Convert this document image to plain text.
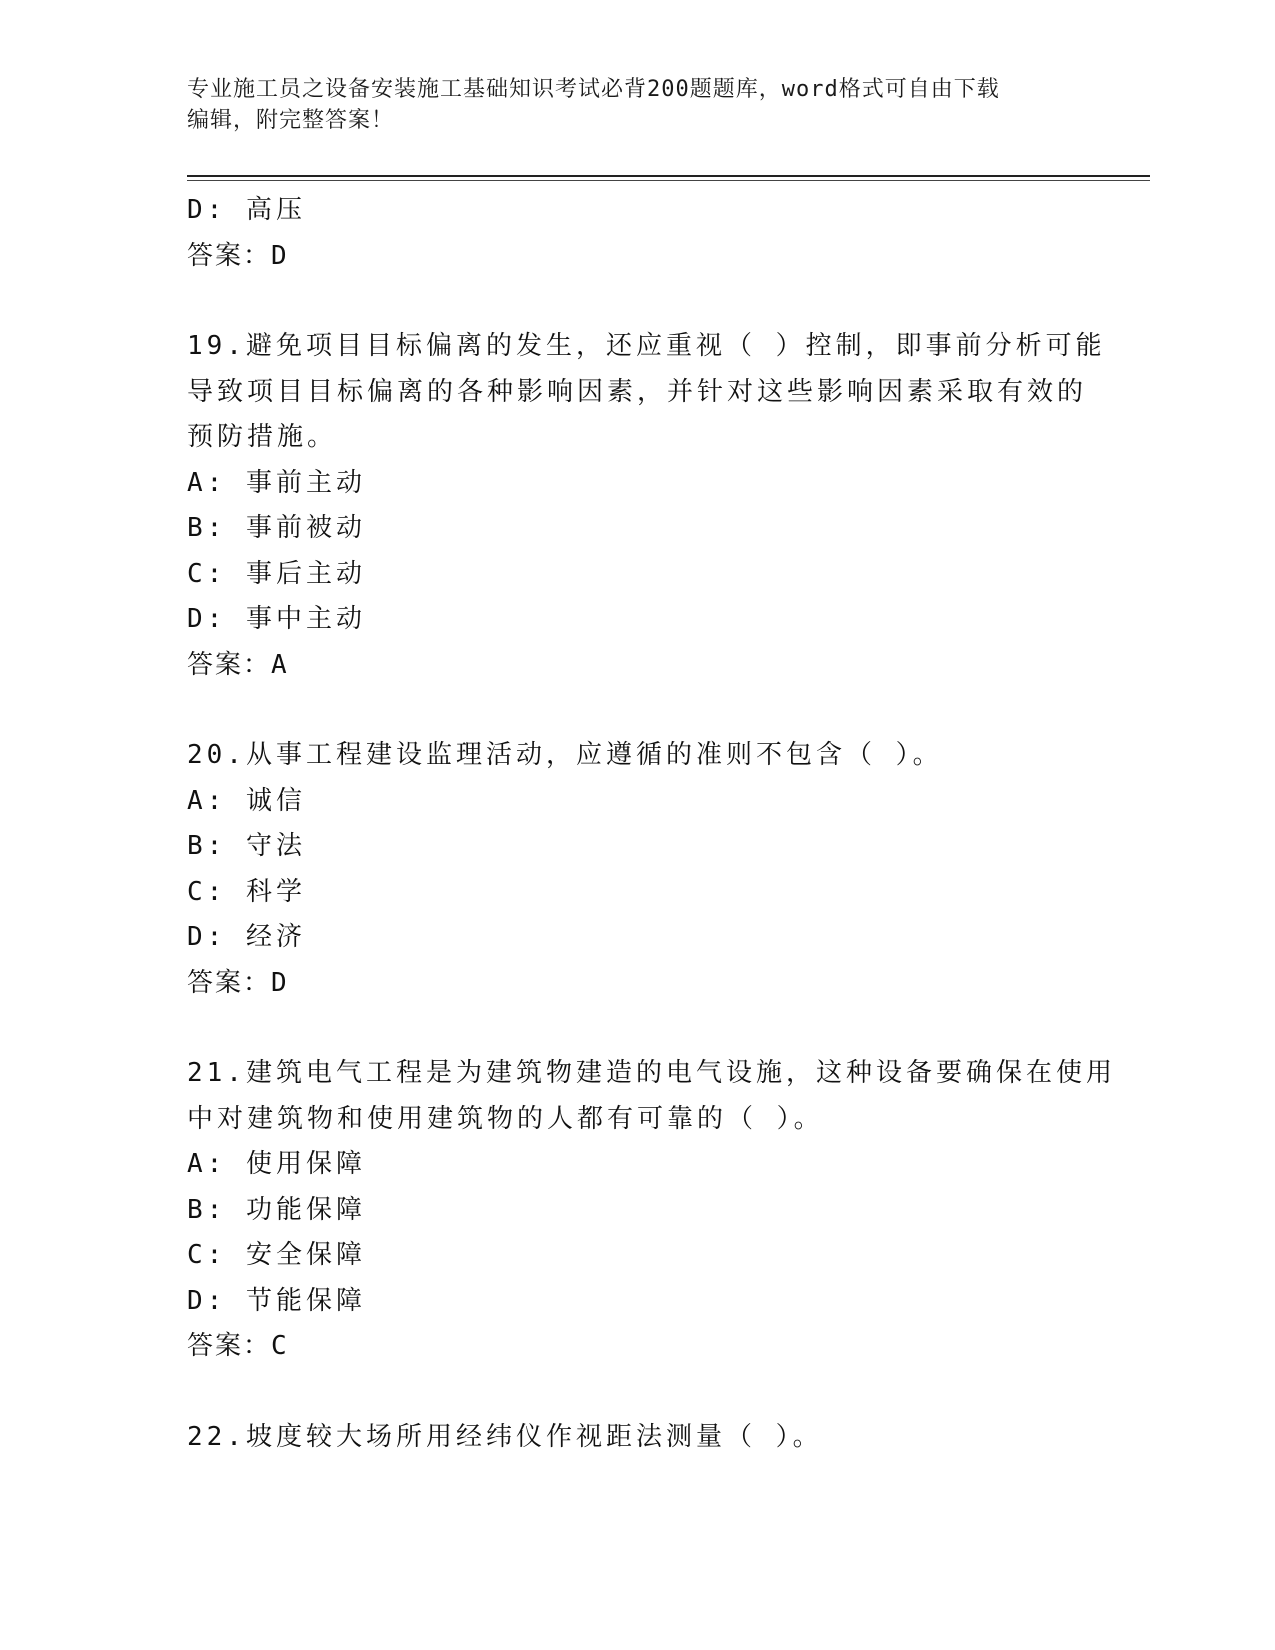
专业施工员之设备安装施工基础知识考试必背200题题库，word格式可自由下载
编辑，附完整答案！
D: 高压
答案：D
19.避免项目目标偏离的发生，还应重视（ ）控制，即事前分析可能
导致项目目标偏离的各种影响因素，并针对这些影响因素采取有效的
预防措施。
A: 事前主动
B: 事前被动
C: 事后主动
D: 事中主动
答案：A
20.从事工程建设监理活动，应遵循的准则不包含（ ）。
A: 诚信
B: 守法
C: 科学
D: 经济
答案：D
21.建筑电气工程是为建筑物建造的电气设施，这种设备要确保在使用
中对建筑物和使用建筑物的人都有可靠的（ ）。
A: 使用保障
B: 功能保障
C: 安全保障
D: 节能保障
答案：C
22.坡度较大场所用经纬仪作视距法测量（ ）。
